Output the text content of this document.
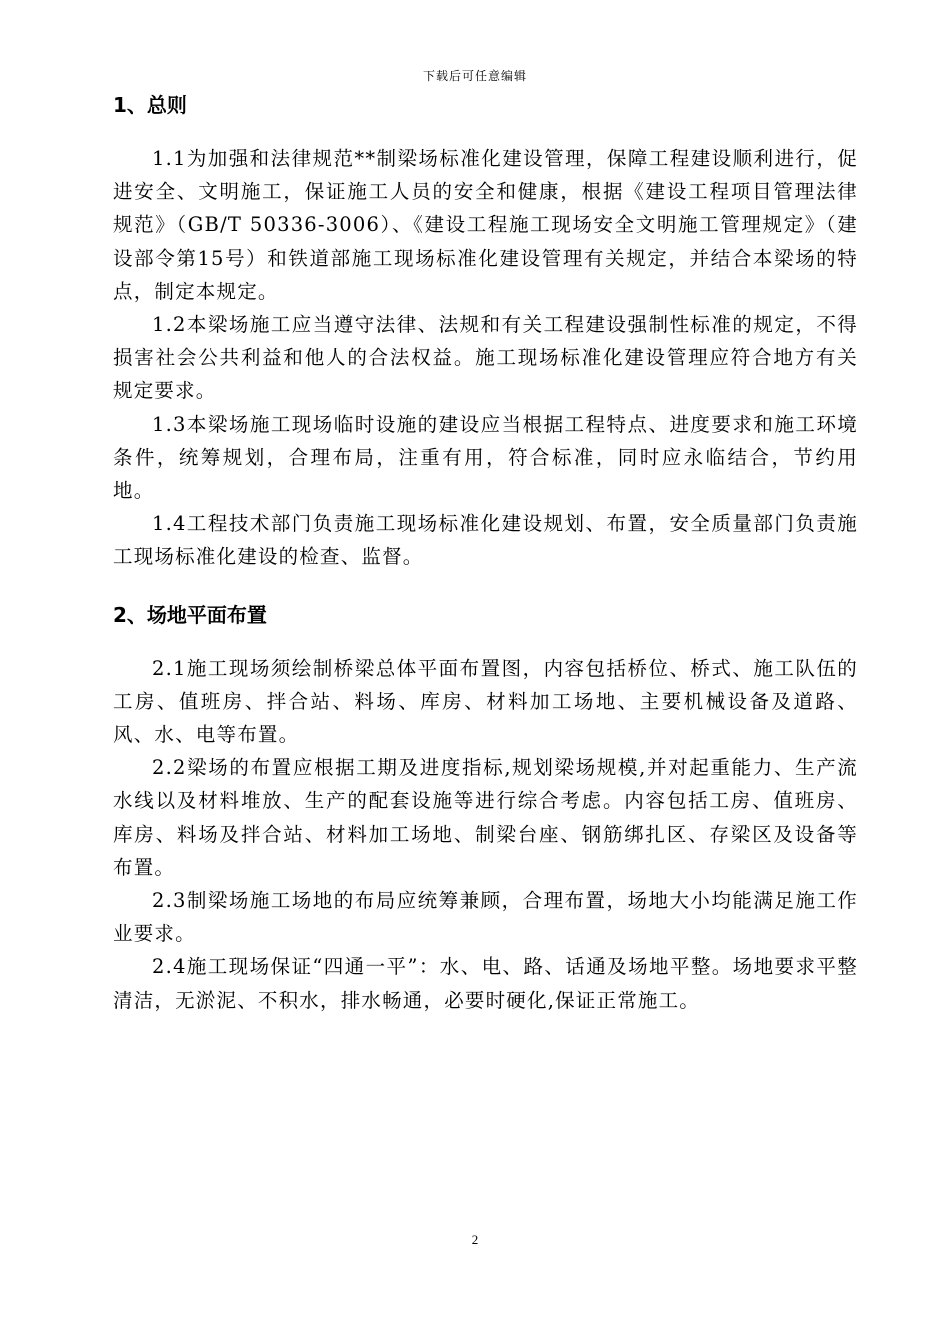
下载后可任意编辑
1、总则

1.1为加强和法律规范**制梁场标准化建设管理，保障工程建设顺利进行，促进安全、文明施工，保证施工人员的安全和健康，根据《建设工程项目管理法律规范》（GB/T 50336-3006）、《建设工程施工现场安全文明施工管理规定》（建设部令第15号）和铁道部施工现场标准化建设管理有关规定，并结合本梁场的特点，制定本规定。

1.2本梁场施工应当遵守法律、法规和有关工程建设强制性标准的规定，不得损害社会公共利益和他人的合法权益。施工现场标准化建设管理应符合地方有关规定要求。

1.3本梁场施工现场临时设施的建设应当根据工程特点、进度要求和施工环境条件，统筹规划，合理布局，注重有用，符合标准，同时应永临结合，节约用地。

1.4工程技术部门负责施工现场标准化建设规划、布置，安全质量部门负责施工现场标准化建设的检查、监督。

2、场地平面布置

2.1施工现场须绘制桥梁总体平面布置图，内容包括桥位、桥式、施工队伍的工房、值班房、拌合站、料场、库房、材料加工场地、主要机械设备及道路、风、水、电等布置。

2.2梁场的布置应根据工期及进度指标,规划梁场规模,并对起重能力、生产流水线以及材料堆放、生产的配套设施等进行综合考虑。内容包括工房、值班房、库房、料场及拌合站、材料加工场地、制梁台座、钢筋绑扎区、存梁区及设备等布置。

2.3制梁场施工场地的布局应统筹兼顾，合理布置，场地大小均能满足施工作业要求。

2.4施工现场保证“四通一平”：水、电、路、话通及场地平整。场地要求平整清洁，无淤泥、不积水，排水畅通，必要时硬化,保证正常施工。

2
